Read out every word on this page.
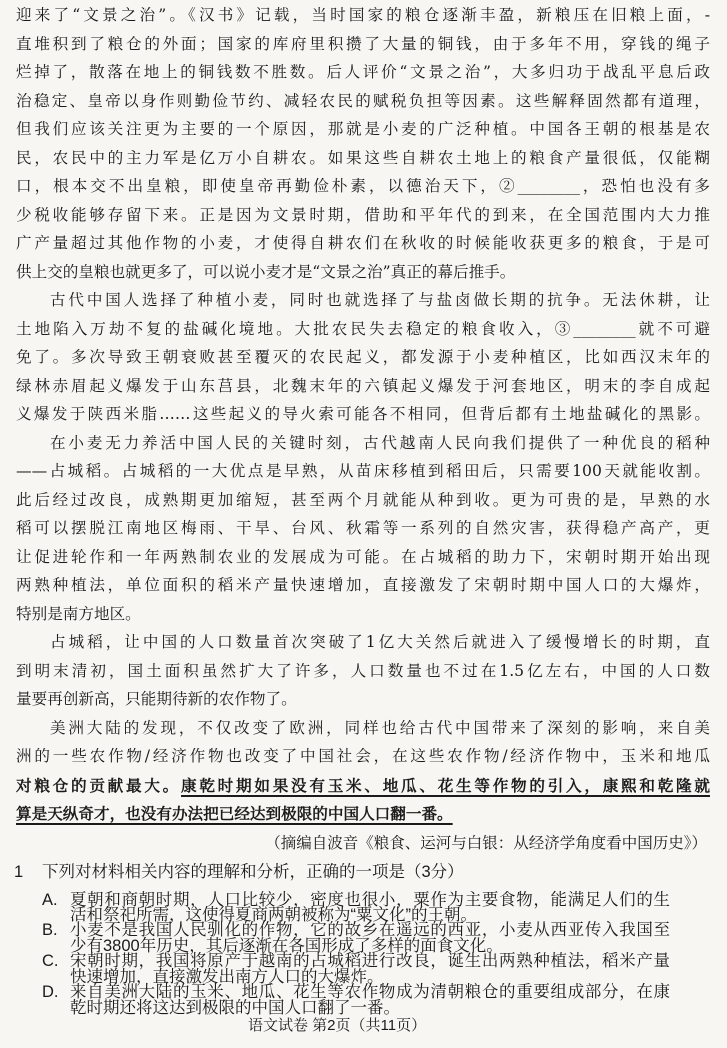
迎来了“文景之治”。《汉书》记载，当时国家的粮仓逐渐丰盈，新粮压在旧粮上面，-
直堆积到了粮仓的外面；国家的库府里积攒了大量的铜钱，由于多年不用，穿钱的绳子
烂掉了，散落在地上的铜钱数不胜数。后人评价“文景之治”，大多归功于战乱平息后政
治稳定、皇帝以身作则勤俭节约、减轻农民的赋税负担等因素。这些解释固然都有道理，
但我们应该关注更为主要的一个原因，那就是小麦的广泛种植。中国各王朝的根基是农
民，农民中的主力军是亿万小自耕农。如果这些自耕农土地上的粮食产量很低，仅能糊
口，根本交不出皇粮，即使皇帝再勤俭朴素，以德治天下，②________，恐怕也没有多
少税收能够存留下来。正是因为文景时期，借助和平年代的到来，在全国范围内大力推
广产量超过其他作物的小麦，才使得自耕农们在秋收的时候能收获更多的粮食，于是可
供上交的皇粮也就更多了，可以说小麦才是“文景之治”真正的幕后推手。
古代中国人选择了种植小麦，同时也就选择了与盐卤做长期的抗争。无法休耕，让
土地陷入万劫不复的盐碱化境地。大批农民失去稳定的粮食收入，③________就不可避
免了。多次导致王朝衰败甚至覆灭的农民起义，都发源于小麦种植区，比如西汉末年的
绿林赤眉起义爆发于山东莒县，北魏末年的六镇起义爆发于河套地区，明末的李自成起
义爆发于陕西米脂……这些起义的导火索可能各不相同，但背后都有土地盐碱化的黑影。
在小麦无力养活中国人民的关键时刻，古代越南人民向我们提供了一种优良的稻种
——占城稻。占城稻的一大优点是早熟，从苗床移植到稻田后，只需要100天就能收割。
此后经过改良，成熟期更加缩短，甚至两个月就能从种到收。更为可贵的是，早熟的水
稻可以摆脱江南地区梅雨、干旱、台风、秋霜等一系列的自然灾害，获得稳产高产，更
让促进轮作和一年两熟制农业的发展成为可能。在占城稻的助力下，宋朝时期开始出现
两熟种植法，单位面积的稻米产量快速增加，直接激发了宋朝时期中国人口的大爆炸，
特别是南方地区。
占城稻，让中国的人口数量首次突破了1亿大关然后就进入了缓慢增长的时期，直
到明末清初，国土面积虽然扩大了许多，人口数量也不过在1.5亿左右，中国的人口数
量要再创新高，只能期待新的农作物了。
美洲大陆的发现，不仅改变了欧洲，同样也给古代中国带来了深刻的影响，来自美
洲的一些农作物/经济作物也改变了中国社会，在这些农作物/经济作物中，玉米和地瓜
对粮仓的贡献最大。康乾时期如果没有玉米、地瓜、花生等作物的引入，康熙和乾隆就
算是天纵奇才，也没有办法把已经达到极限的中国人口翻一番。
（摘编自波音《粮食、运河与白银：从经济学角度看中国历史》）
1 下列对材料相关内容的理解和分析，正确的一项是（3分）
A. 夏朝和商朝时期，人口比较少，密度也很小，粟作为主要食物，能满足人们的生
活和祭祀所需，这使得夏商两朝被称为“粟文化”的王朝。
B. 小麦不是我国人民驯化的作物，它的故乡在遥远的西亚，小麦从西亚传入我国至
少有3800年历史，其后逐渐在各国形成了多样的面食文化。
C. 宋朝时期，我国将原产于越南的占城稻进行改良，诞生出两熟种植法，稻米产量
快速增加，直接激发出南方人口的大爆炸。
D. 来自美洲大陆的玉米、地瓜、花生等农作物成为清朝粮仓的重要组成部分，在康
乾时期还将这达到极限的中国人口翻了一番。
语文试卷 第2页（共11页）
